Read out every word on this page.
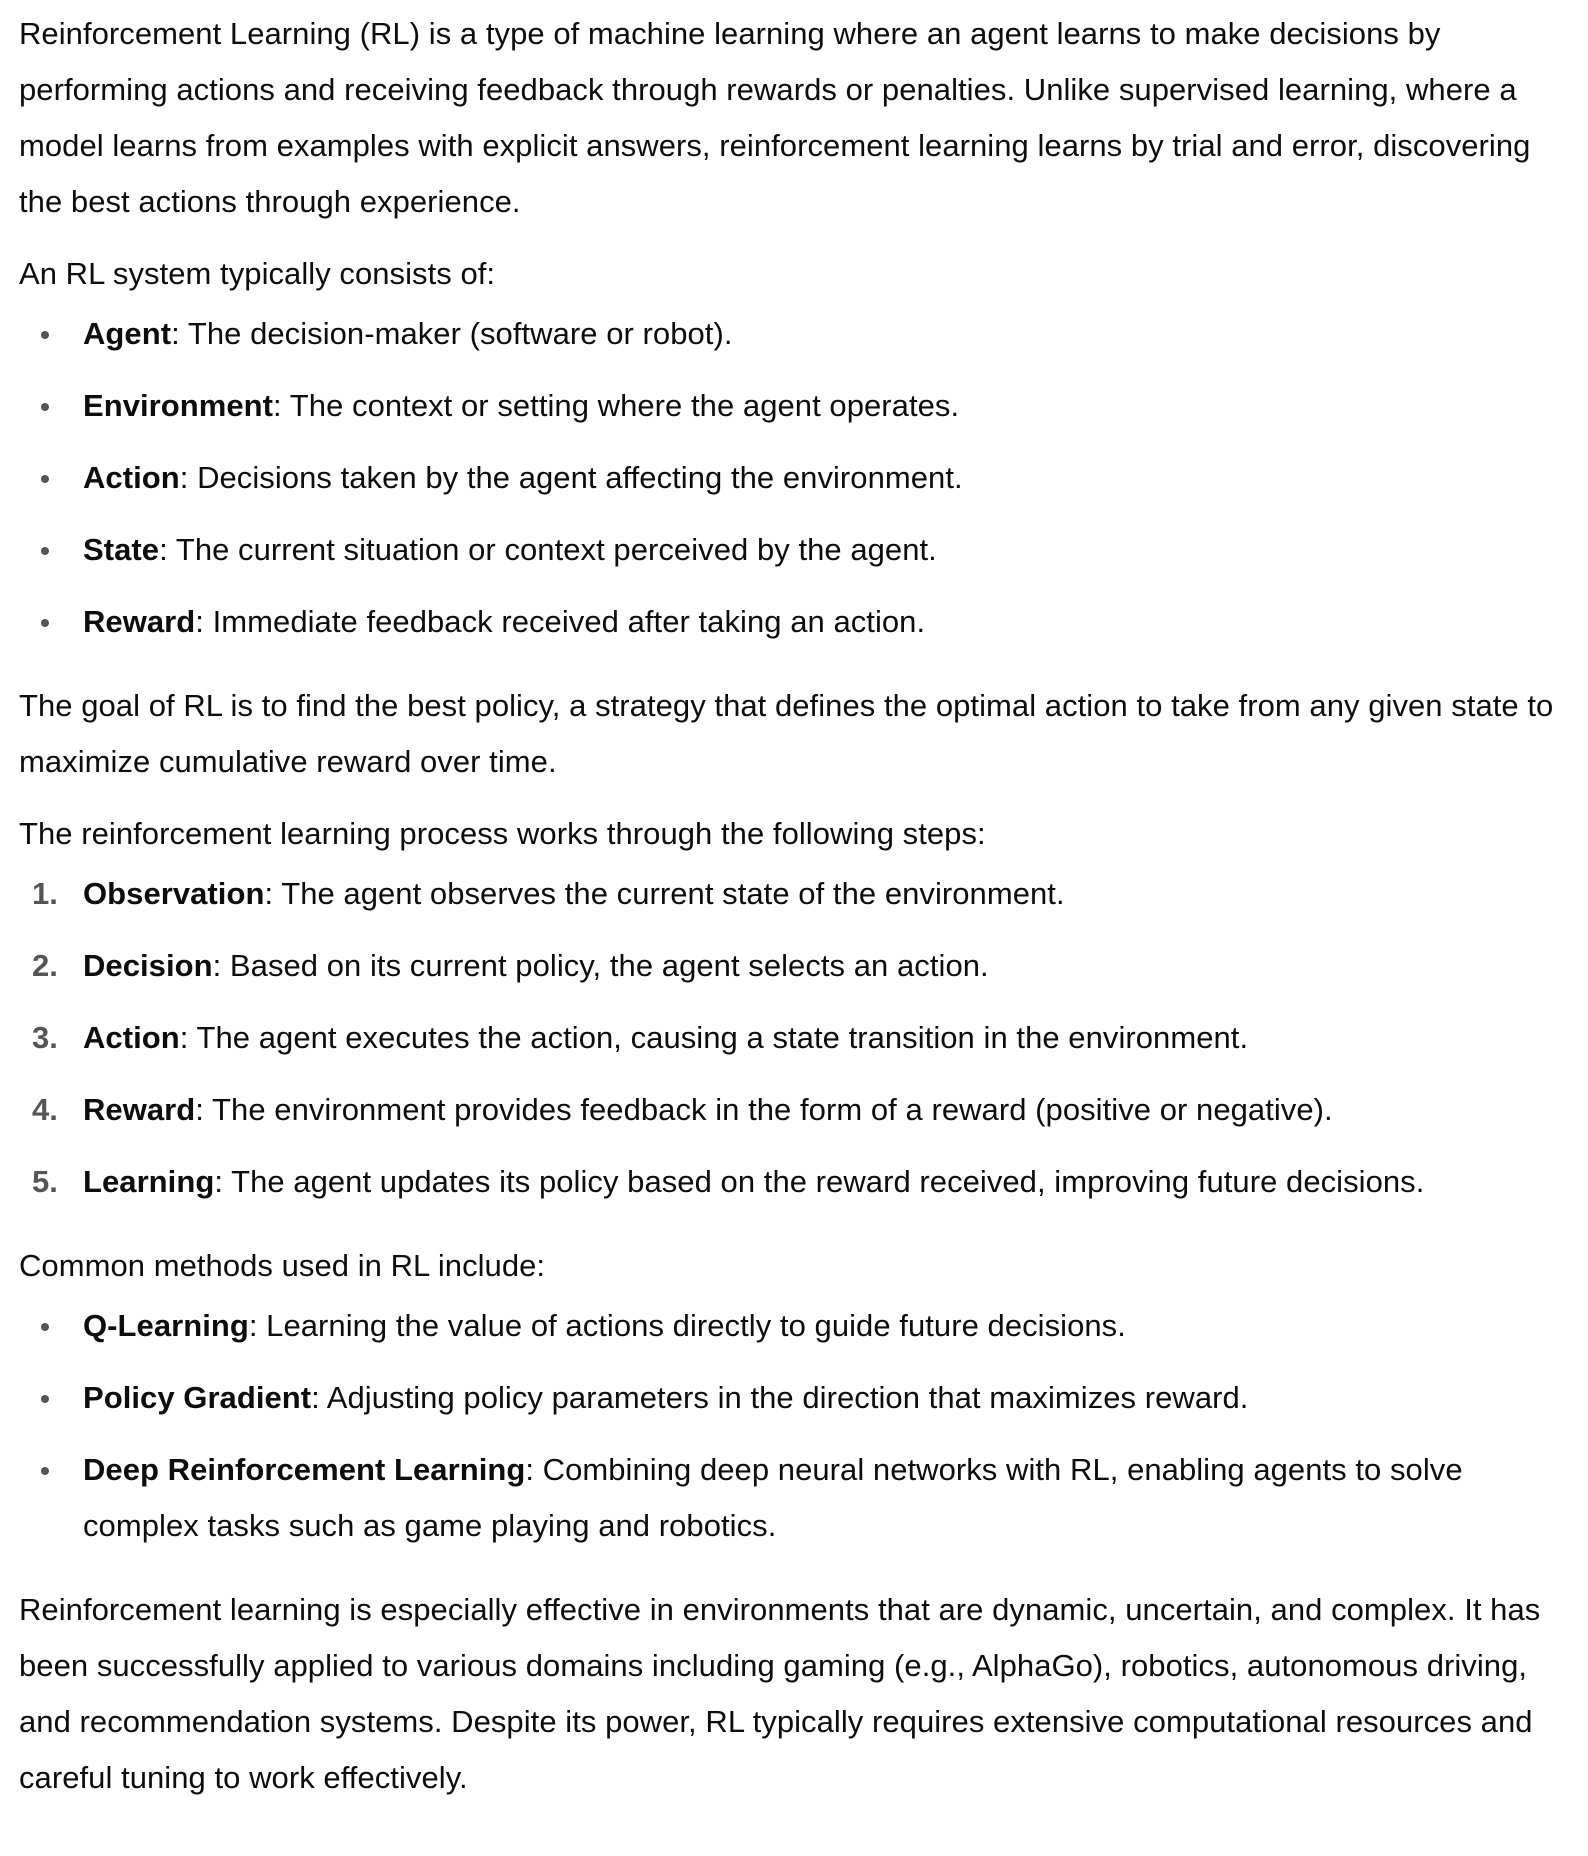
Reinforcement Learning (RL) is a type of machine learning where an agent learns to make decisions by performing actions and receiving feedback through rewards or penalties. Unlike supervised learning, where a model learns from examples with explicit answers, reinforcement learning learns by trial and error, discovering the best actions through experience.

An RL system typically consists of:

Agent: The decision-maker (software or robot).
Environment: The context or setting where the agent operates.
Action: Decisions taken by the agent affecting the environment.
State: The current situation or context perceived by the agent.
Reward: Immediate feedback received after taking an action.

The goal of RL is to find the best policy, a strategy that defines the optimal action to take from any given state to maximize cumulative reward over time.

The reinforcement learning process works through the following steps:

1. Observation: The agent observes the current state of the environment.
2. Decision: Based on its current policy, the agent selects an action.
3. Action: The agent executes the action, causing a state transition in the environment.
4. Reward: The environment provides feedback in the form of a reward (positive or negative).
5. Learning: The agent updates its policy based on the reward received, improving future decisions.

Common methods used in RL include:

Q-Learning: Learning the value of actions directly to guide future decisions.
Policy Gradient: Adjusting policy parameters in the direction that maximizes reward.
Deep Reinforcement Learning: Combining deep neural networks with RL, enabling agents to solve complex tasks such as game playing and robotics.

Reinforcement learning is especially effective in environments that are dynamic, uncertain, and complex. It has been successfully applied to various domains including gaming (e.g., AlphaGo), robotics, autonomous driving, and recommendation systems. Despite its power, RL typically requires extensive computational resources and careful tuning to work effectively.
